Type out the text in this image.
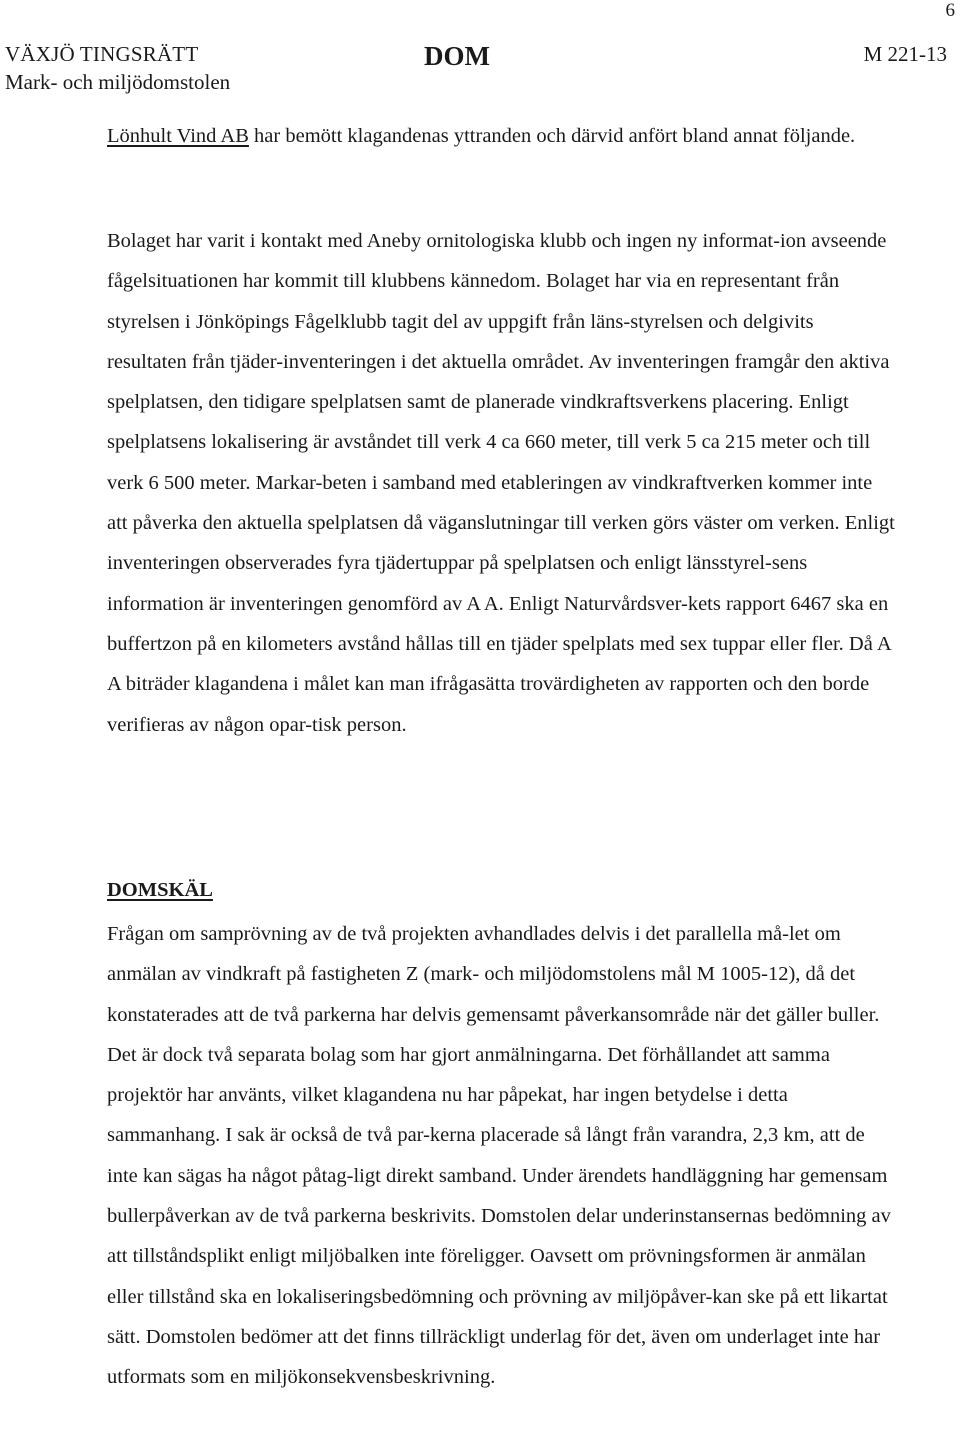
6
VÄXJÖ TINGSRÄTT
Mark- och miljödomstolen
DOM	M 221-13

Lönhult Vind AB har bemött klagandenas yttranden och därvid anfört bland annat följande.

Bolaget har varit i kontakt med Aneby ornitologiska klubb och ingen ny informat-ion avseende fågelsituationen har kommit till klubbens kännedom. Bolaget har via en representant från styrelsen i Jönköpings Fågelklubb tagit del av uppgift från läns-styrelsen och delgivits resultaten från tjäder-inventeringen i det aktuella området. Av inventeringen framgår den aktiva spelplatsen, den tidigare spelplatsen samt de planerade vindkraftsverkens placering. Enligt spelplatsens lokalisering är avståndet till verk 4 ca 660 meter, till verk 5 ca 215 meter och till verk 6 500 meter. Markar-beten i samband med etableringen av vindkraftverken kommer inte att påverka den aktuella spelplatsen då väganslutningar till verken görs väster om verken. Enligt inventeringen observerades fyra tjädertuppar på spelplatsen och enligt länsstyrel-sens information är inventeringen genomförd av A A. Enligt Naturvårdsver-kets rapport 6467 ska en buffertzon på en kilometers avstånd hållas till en tjäder spelplats med sex tuppar eller fler. Då A A biträder klagandena i målet kan man ifrågasätta trovärdigheten av rapporten och den borde verifieras av någon opar-tisk person.

DOMSKÄL

Frågan om samprövning av de två projekten avhandlades delvis i det parallella må-let om anmälan av vindkraft på fastigheten Z (mark- och miljödomstolens mål M 1005-12), då det konstaterades att de två parkerna har delvis gemensamt påverkansområde när det gäller buller. Det är dock två separata bolag som har gjort anmälningarna. Det förhållandet att samma projektör har använts, vilket klagandena nu har påpekat, har ingen betydelse i detta sammanhang. I sak är också de två par-kerna placerade så långt från varandra, 2,3 km, att de inte kan sägas ha något påtag-ligt direkt samband. Under ärendets handläggning har gemensam bullerpåverkan av de två parkerna beskrivits. Domstolen delar underinstansernas bedömning av att tillståndsplikt enligt miljöbalken inte föreligger. Oavsett om prövningsformen är anmälan eller tillstånd ska en lokaliseringsbedömning och prövning av miljöpåver-kan ske på ett likartat sätt. Domstolen bedömer att det finns tillräckligt underlag för det, även om underlaget inte har utformats som en miljökonsekvensbeskrivning.
